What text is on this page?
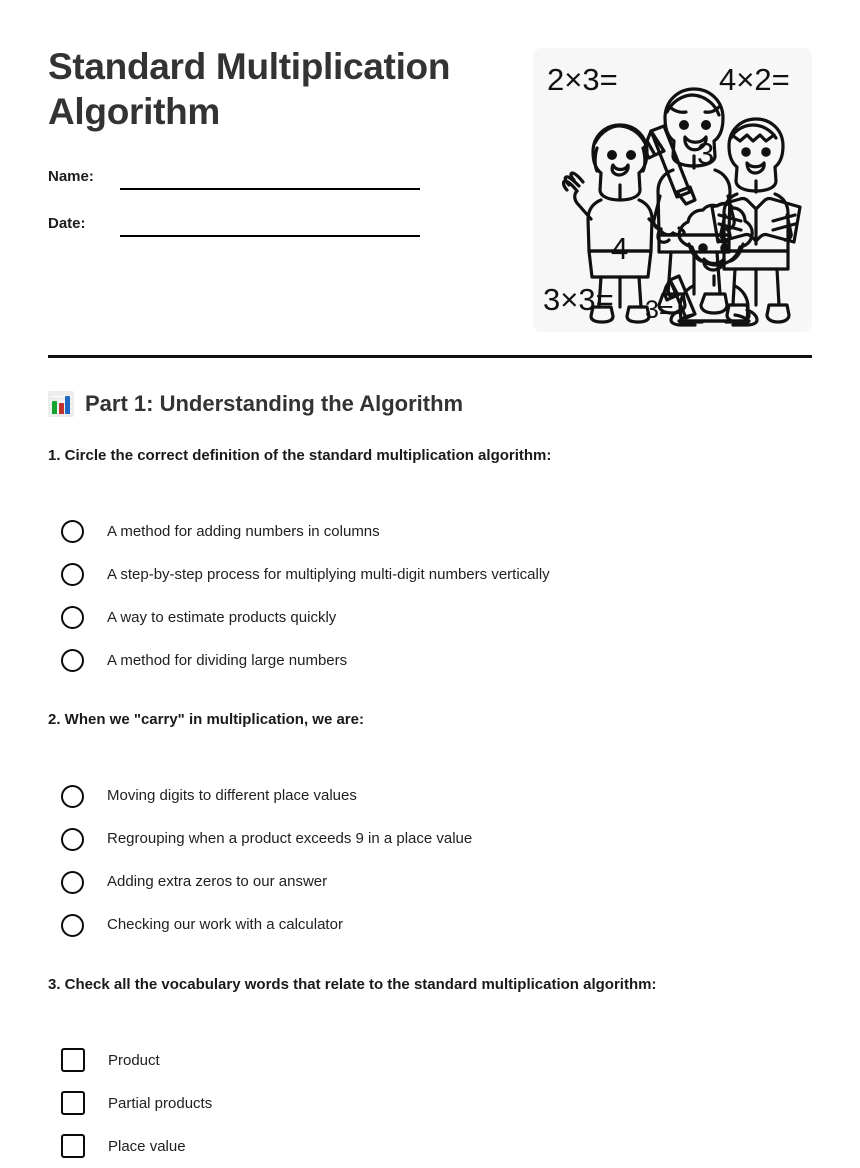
Standard Multiplication Algorithm
Name:
Date:
2×3=	4×2=
3
4
3×3= 3=
Part 1: Understanding the Algorithm

1. Circle the correct definition of the standard multiplication algorithm:

A method for adding numbers in columns
A step-by-step process for multiplying multi-digit numbers vertically
A way to estimate products quickly
A method for dividing large numbers

2. When we "carry" in multiplication, we are:

Moving digits to different place values
Regrouping when a product exceeds 9 in a place value
Adding extra zeros to our answer
Checking our work with a calculator

3. Check all the vocabulary words that relate to the standard multiplication algorithm:

Product
Partial products
Place value
